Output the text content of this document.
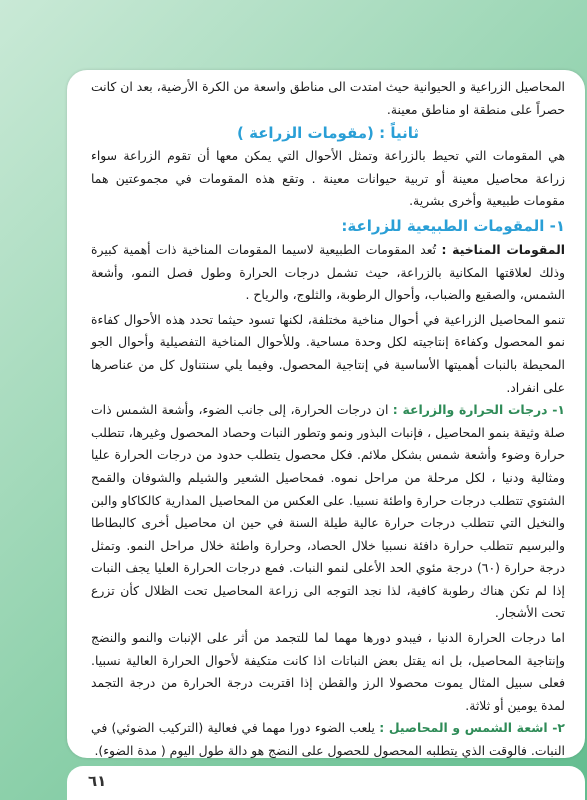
المحاصيل الزراعية و الحيوانية حيث امتدت الى مناطق واسعة من الكرة الأرضية، بعد ان كانت حصراً على منطقة او مناطق معينة.

ثانياً : (مقومات الزراعة )

هي المقومات التي تحيط بالزراعة وتمثل الأحوال التي يمكن معها أن تقوم الزراعة سواء زراعة محاصيل معينة أو تربية حيوانات معينة . وتقع هذه المقومات في مجموعتين هما مقومات طبيعية وأخرى بشرية.

١- المقومات الطبيعية للزراعة:

المقومات المناخية : تُعد المقومات الطبيعية لاسيما المقومات المناخية ذات أهمية كبيرة وذلك لعلاقتها المكانية بالزراعة، حيث تشمل درجات الحرارة وطول فصل النمو، وأشعة الشمس، والصقيع والضباب، وأحوال الرطوبة، والثلوج، والرياح .

تنمو المحاصيل الزراعية في أحوال مناخية مختلفة، لكنها تسود حيثما تحدد هذه الأحوال كفاءة نمو المحصول وكفاءة إنتاجيته لكل وحدة مساحية. وللأحوال المناخية التفصيلية وأحوال الجو المحيطة بالنبات أهميتها الأساسية في إنتاجية المحصول. وفيما يلي سنتناول كل من عناصرها على انفراد.

١- درجات الحرارة والزراعة : ان درجات الحرارة، إلى جانب الضوء، وأشعة الشمس ذات صلة وثيقة بنمو المحاصيل ، فإنبات البذور ونمو وتطور النبات وحصاد المحصول وغيرها، تتطلب حرارة وضوء وأشعة شمس بشكل ملائم. فكل محصول يتطلب حدود من درجات الحرارة عليا ومثالية ودنيا ، لكل مرحلة من مراحل نموه. فمحاصيل الشعير والشيلم والشوفان والقمح الشتوي تتطلب درجات حرارة واطئة نسبيا. على العكس من المحاصيل المدارية كالكاكاو والبن والنخيل التي تتطلب درجات حرارة عالية طيلة السنة في حين ان محاصيل أخرى كالبطاطا والبرسيم تتطلب حرارة دافئة نسبيا خلال الحصاد، وحرارة واطئة خلال مراحل النمو. وتمثل درجة حرارة (٦٠) درجة مئوي الحد الأعلى لنمو النبات. فمع درجات الحرارة العليا يجف النبات إذا لم تكن هناك رطوبة كافية، لذا نجد التوجه الى زراعة المحاصيل تحت الظلال كأن تزرع تحت الأشجار.

اما درجات الحرارة الدنيا ، فيبدو دورها مهما لما للتجمد من أثر على الإنبات والنمو والنضج وإنتاجية المحاصيل، بل انه يقتل بعض النباتات اذا كانت متكيفة لأحوال الحرارة العالية نسبيا. فعلى سبيل المثال يموت محصولا الرز والقطن إذا اقتربت درجة الحرارة من درجة التجمد لمدة يومين أو ثلاثة.

٢- اشعة الشمس و المحاصيل : يلعب الضوء دورا مهما في فعالية (التركيب الضوئي) في النبات. فالوقت الذي يتطلبه المحصول للحصول على النضج هو دالة طول اليوم ( مدة الضوء).

٦١
